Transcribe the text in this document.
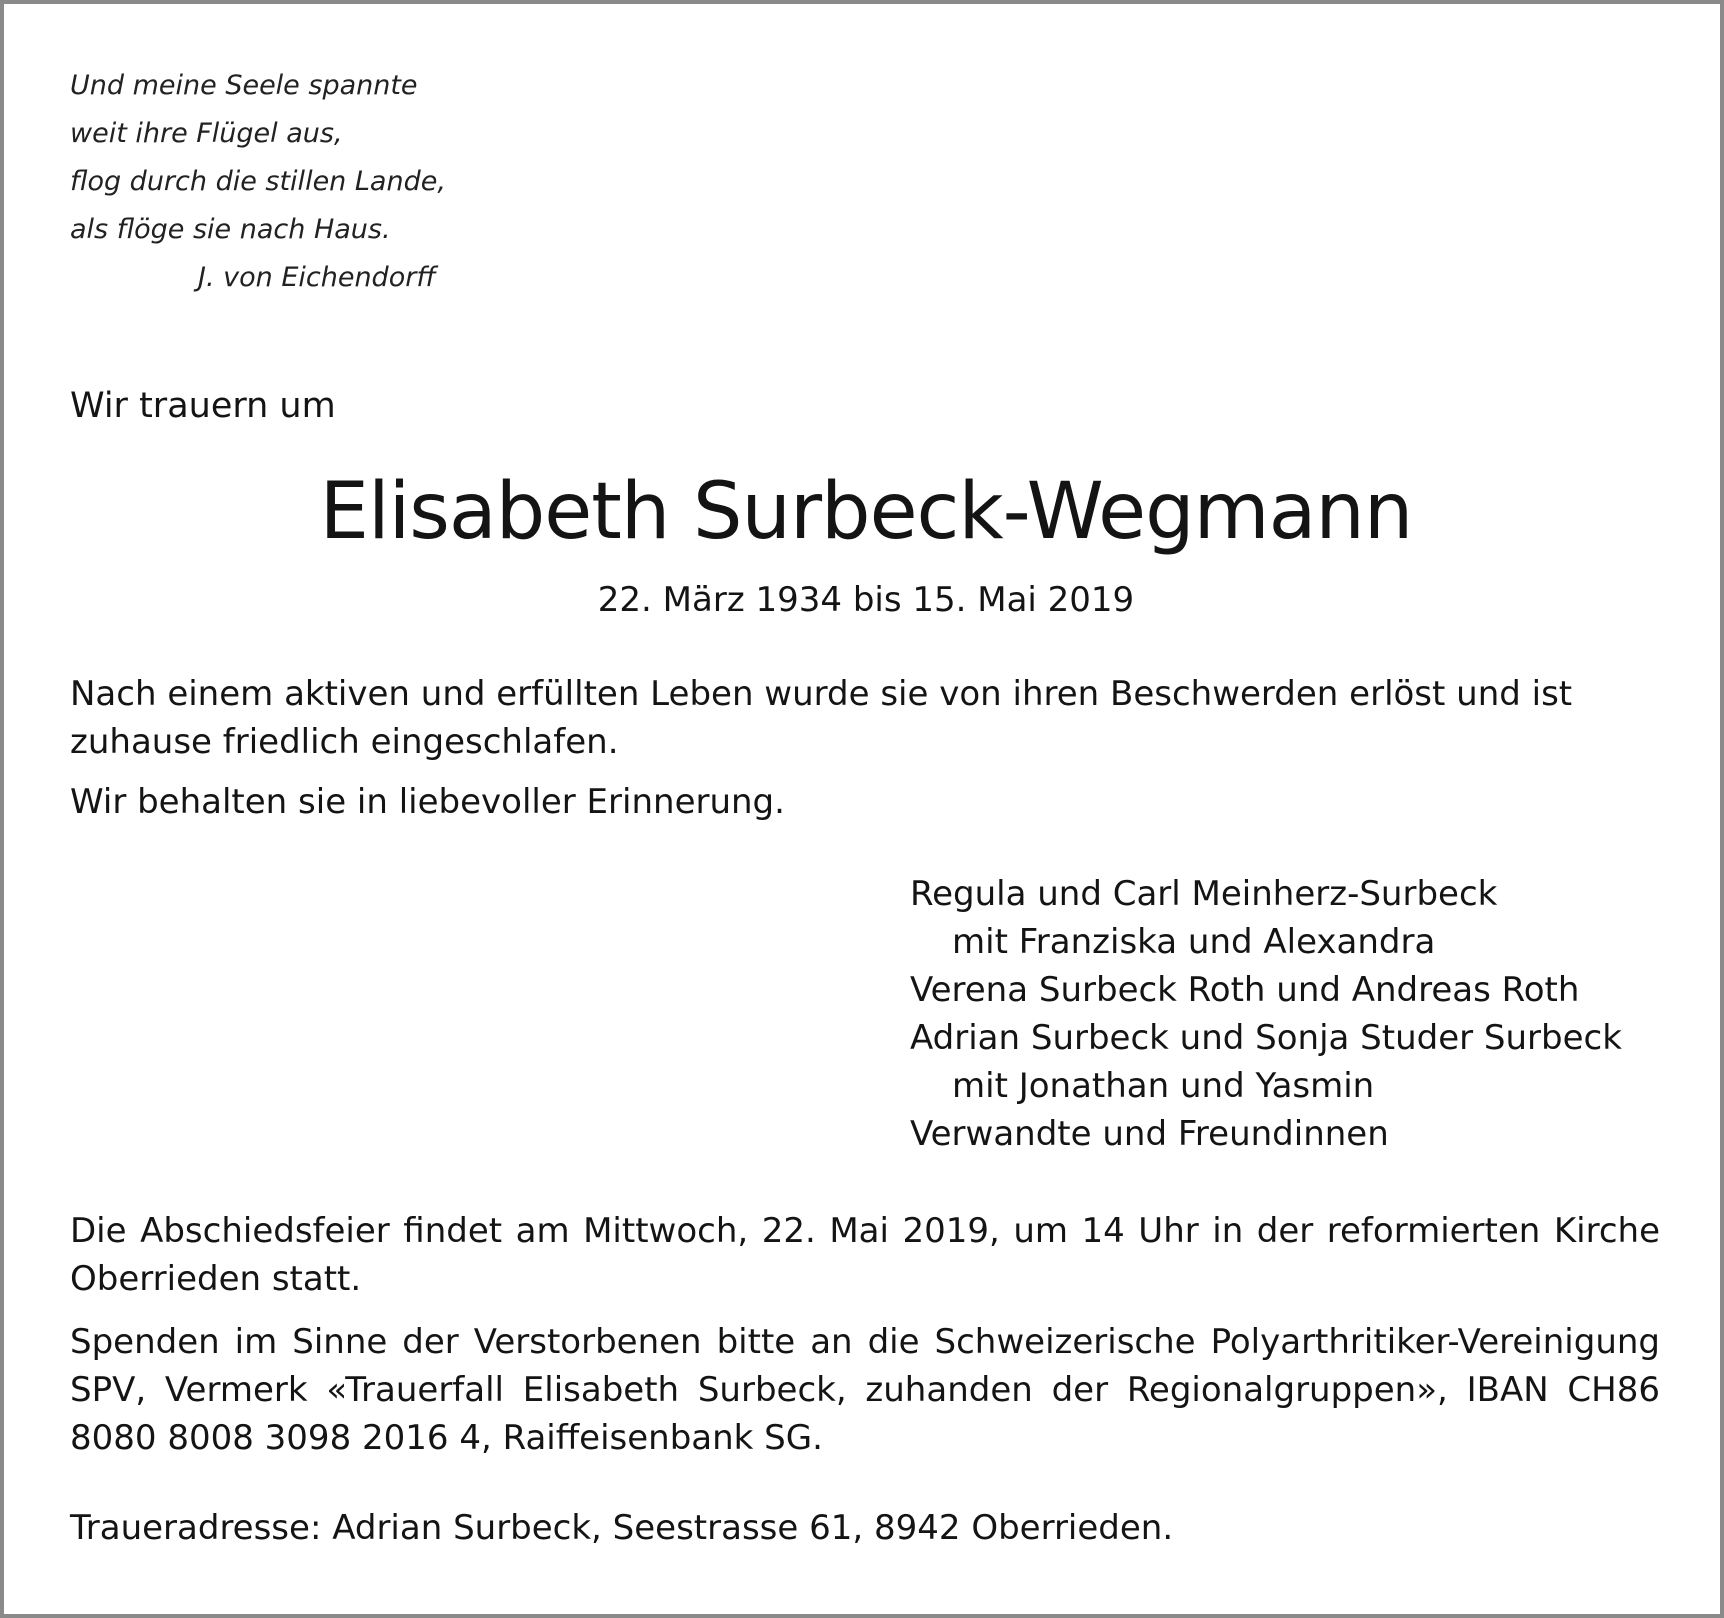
Und meine Seele spannte
weit ihre Flügel aus,
flog durch die stillen Lande,
als flöge sie nach Haus.
J. von Eichendorff
Wir trauern um
Elisabeth Surbeck-Wegmann
22. März 1934 bis 15. Mai 2019

Nach einem aktiven und erfüllten Leben wurde sie von ihren Beschwerden erlöst und ist zuhause friedlich eingeschlafen.

Wir behalten sie in liebevoller Erinnerung.

Regula und Carl Meinherz-Surbeck
mit Franziska und Alexandra
Verena Surbeck Roth und Andreas Roth
Adrian Surbeck und Sonja Studer Surbeck
mit Jonathan und Yasmin
Verwandte und Freundinnen

Die Abschiedsfeier findet am Mittwoch, 22. Mai 2019, um 14 Uhr in der reformierten Kirche Oberrieden statt.

Spenden im Sinne der Verstorbenen bitte an die Schweizerische Polyarthritiker-Vereinigung SPV, Vermerk «Trauerfall Elisabeth Surbeck, zuhanden der Regionalgruppen», IBAN CH86 8080 8008 3098 2016 4, Raiffeisenbank SG.

Traueradresse: Adrian Surbeck, Seestrasse 61, 8942 Oberrieden.
